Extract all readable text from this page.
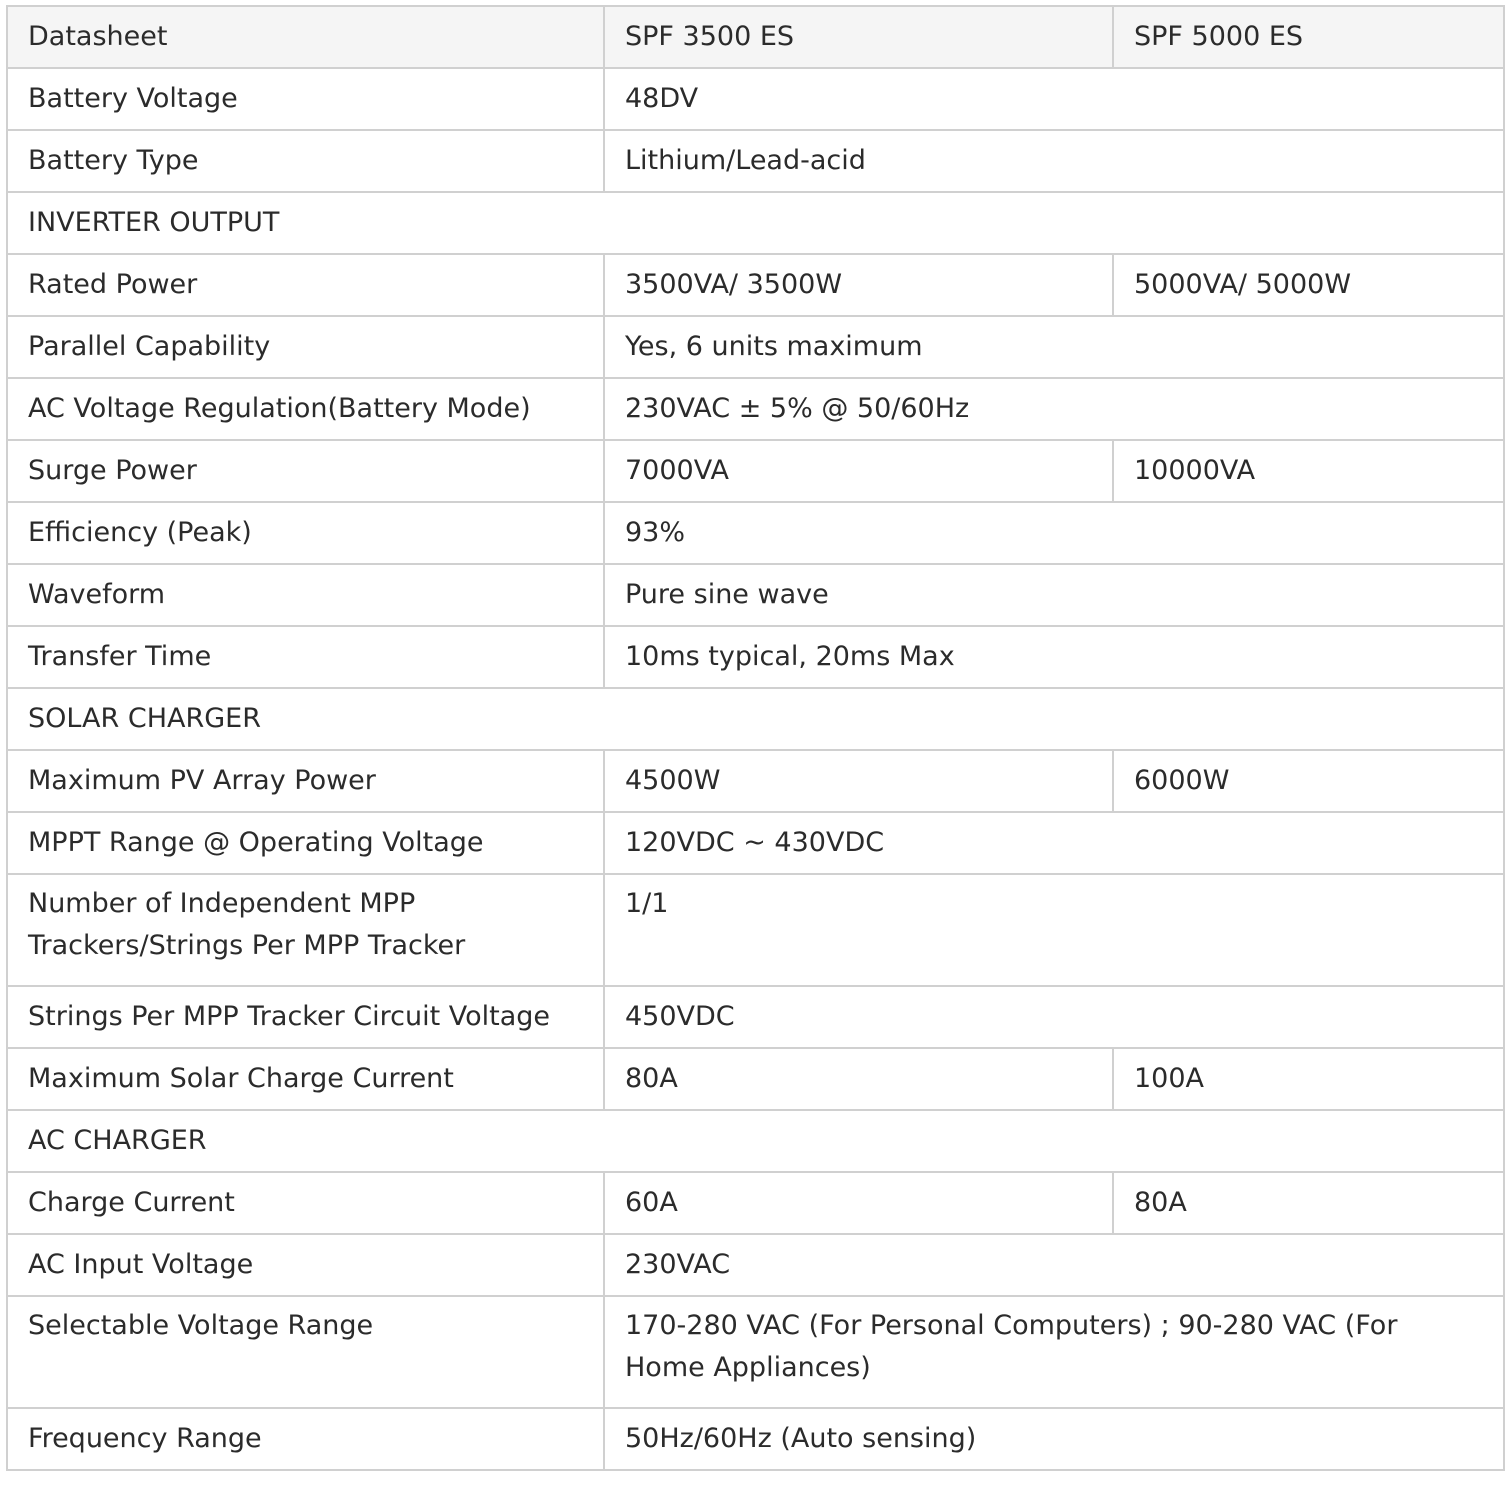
Datasheet	SPF 3500 ES	SPF 5000 ES
Battery Voltage	48DV	
Battery Type	Lithium/Lead-acid	
INVERTER OUTPUT		
Rated Power	3500VA/ 3500W	5000VA/ 5000W
Parallel Capability	Yes, 6 units maximum	
AC Voltage Regulation(Battery Mode)	230VAC ± 5% @ 50/60Hz	
Surge Power	7000VA	10000VA
Efficiency (Peak)	93%	
Waveform	Pure sine wave	
Transfer Time	10ms typical, 20ms Max	
SOLAR CHARGER		
Maximum PV Array Power	4500W	6000W
MPPT Range @ Operating Voltage	120VDC ~ 430VDC	
Number of Independent MPP Trackers/Strings Per MPP Tracker	1/1	
Strings Per MPP Tracker Circuit Voltage	450VDC	
Maximum Solar Charge Current	80A	100A
AC CHARGER		
Charge Current	60A	80A
AC Input Voltage	230VAC	
Selectable Voltage Range	170-280 VAC (For Personal Computers) ; 90-280 VAC (For Home Appliances)	
Frequency Range	50Hz/60Hz (Auto sensing)	
